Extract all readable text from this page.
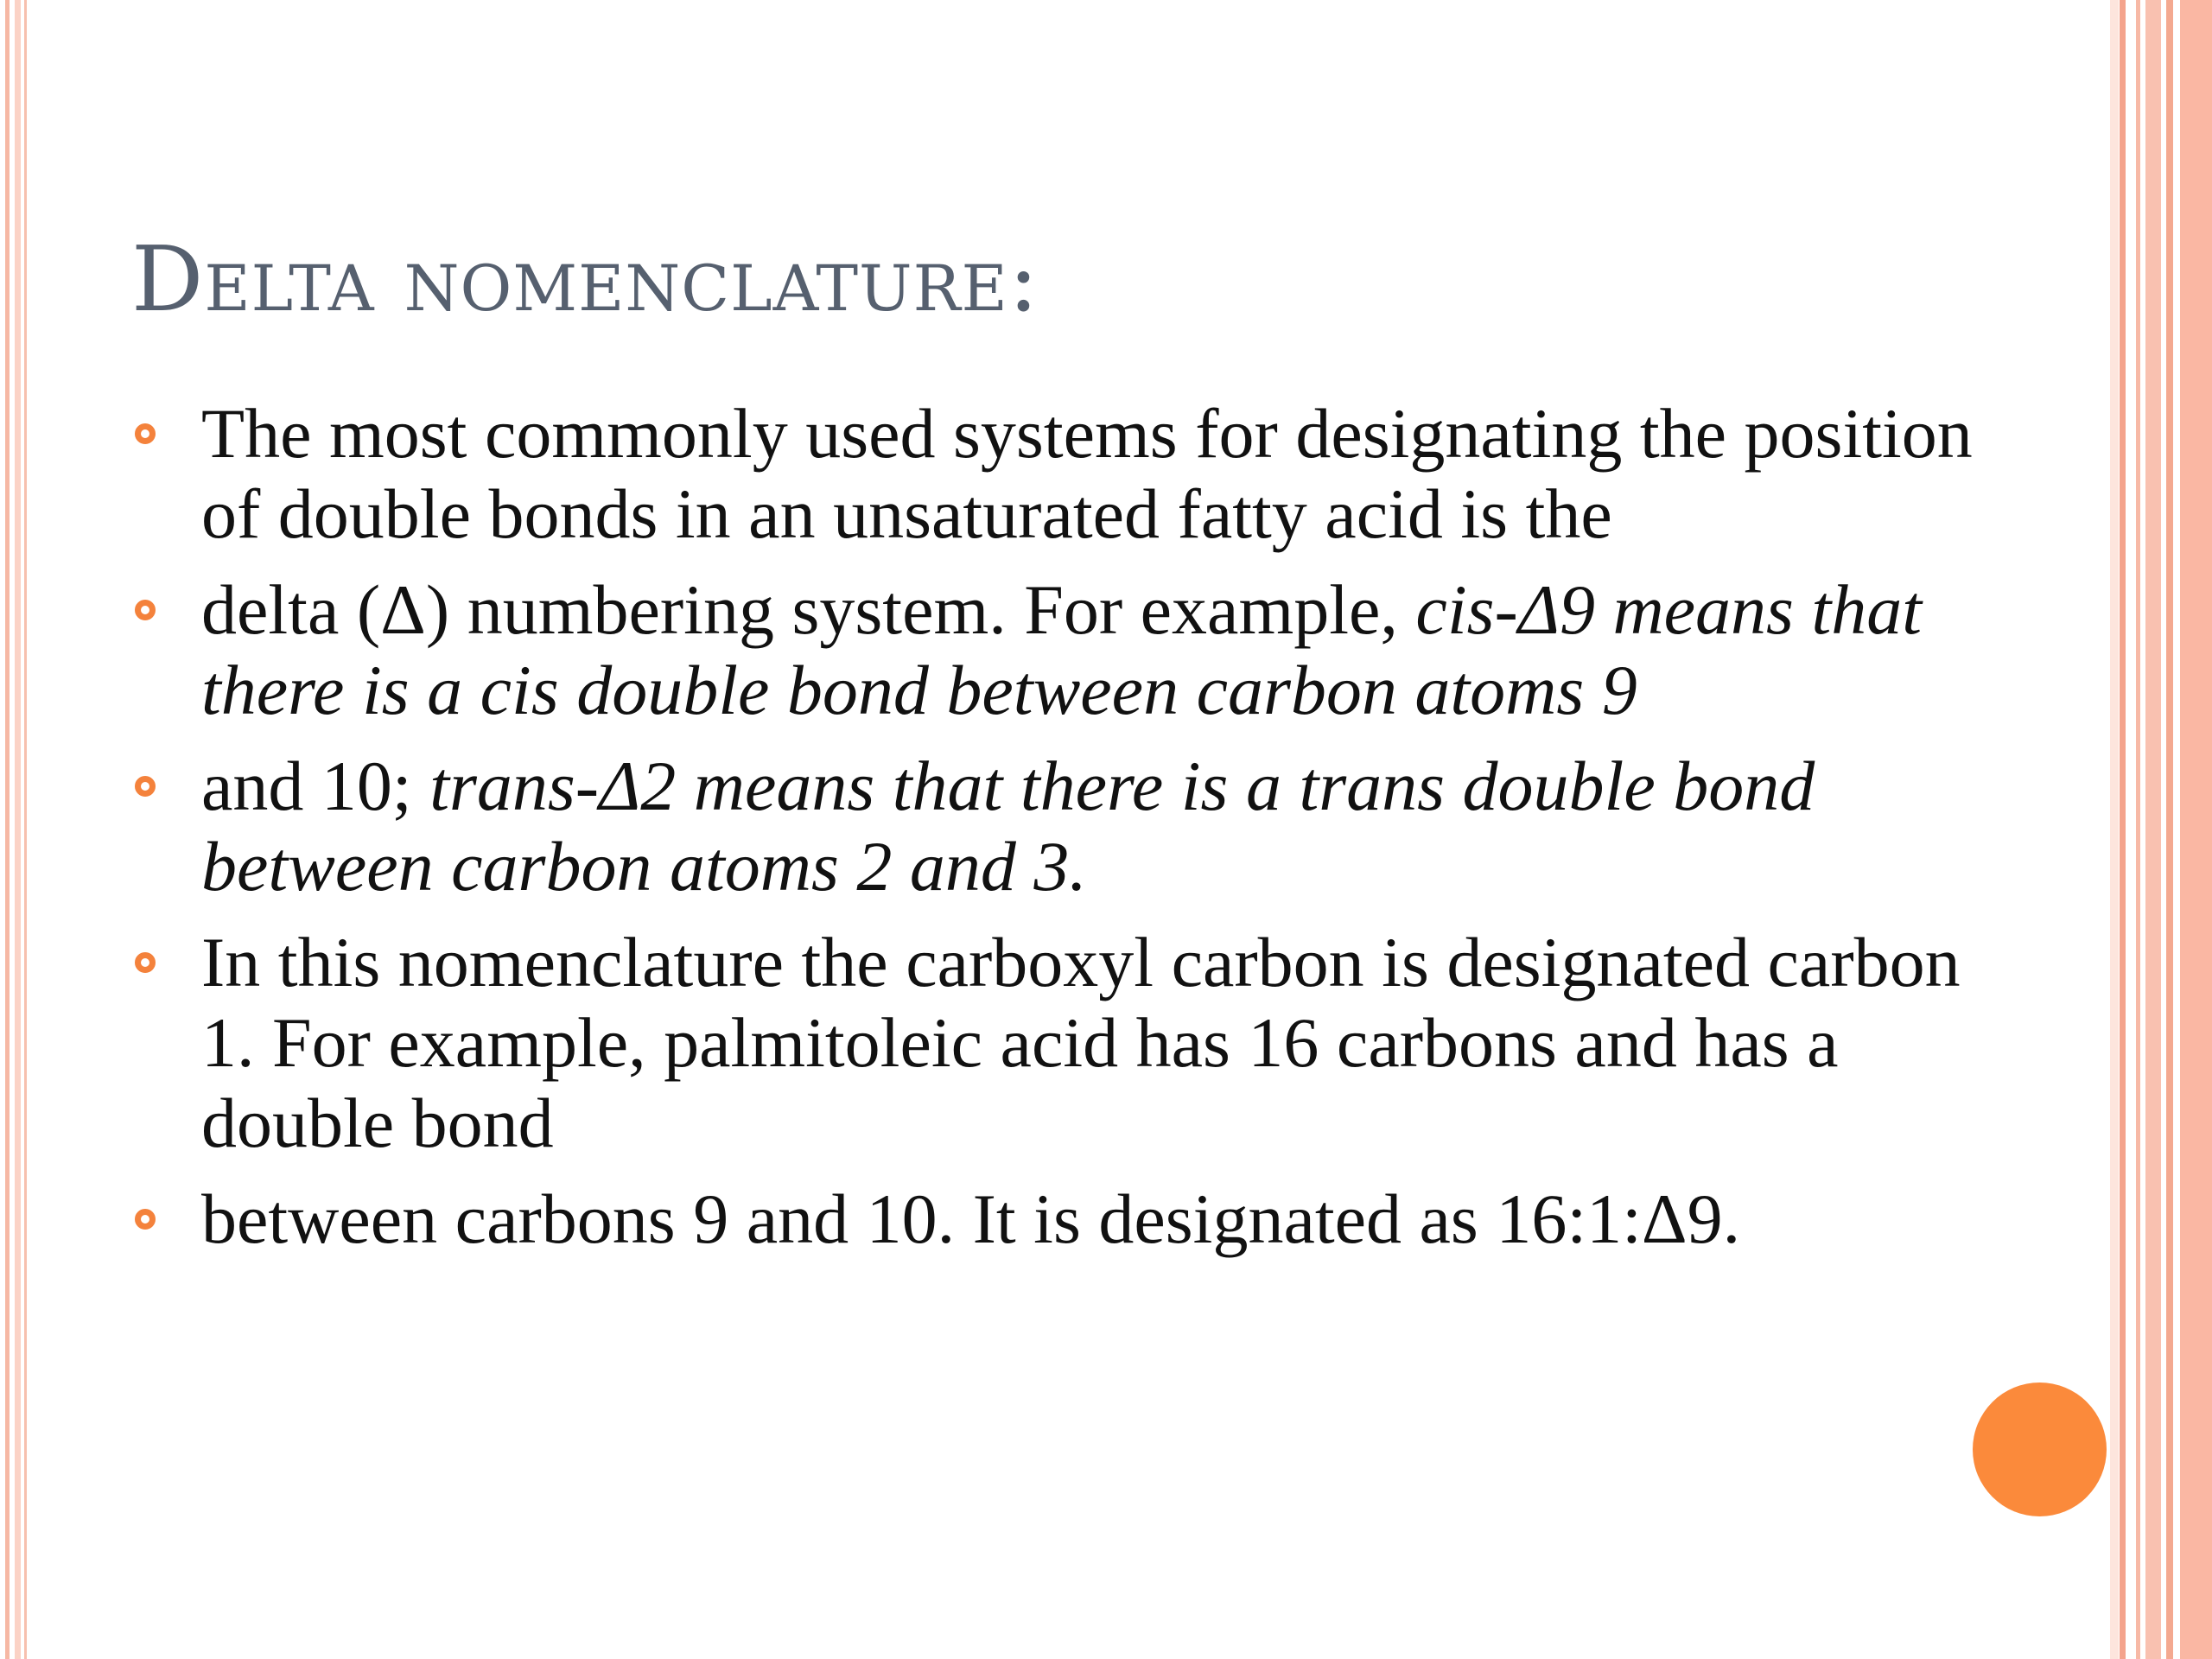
Delta nomenclature:
The most commonly used systems for designating the position of double bonds in an unsaturated fatty acid is the
delta (Δ) numbering system. For example, cis-Δ9 means that there is a cis double bond between carbon atoms 9
and 10; trans-Δ2 means that there is a trans double bond between carbon atoms 2 and 3.
In this nomenclature the carboxyl carbon is designated carbon 1. For example, palmitoleic acid has 16 carbons and has a double bond
between carbons 9 and 10. It is designated as 16:1:Δ9.
